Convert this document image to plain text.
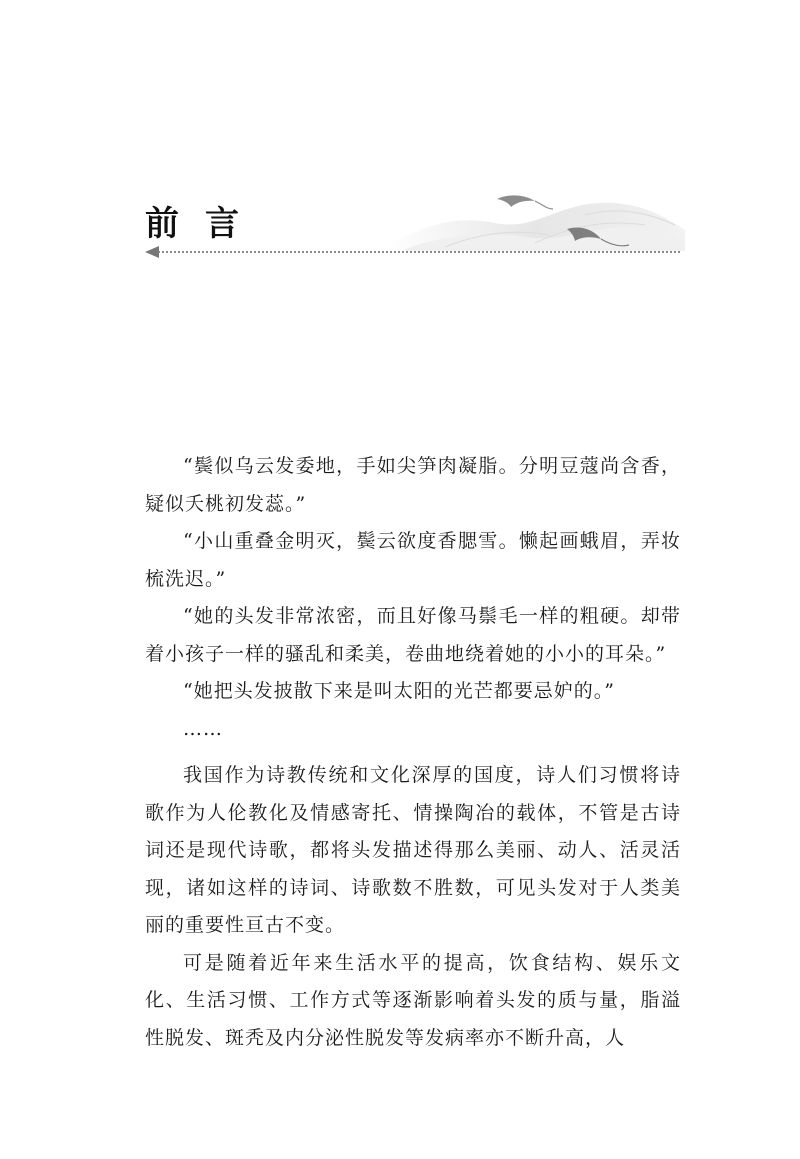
前言

“鬓似乌云发委地，手如尖笋肉凝脂。分明豆蔻尚含香，疑似夭桃初发蕊。”

“小山重叠金明灭，鬓云欲度香腮雪。懒起画蛾眉，弄妆梳洗迟。”

“她的头发非常浓密，而且好像马鬃毛一样的粗硬。却带着小孩子一样的骚乱和柔美，卷曲地绕着她的小小的耳朵。”

“她把头发披散下来是叫太阳的光芒都要忌妒的。”

……

我国作为诗教传统和文化深厚的国度，诗人们习惯将诗歌作为人伦教化及情感寄托、情操陶冶的载体，不管是古诗词还是现代诗歌，都将头发描述得那么美丽、动人、活灵活现，诸如这样的诗词、诗歌数不胜数，可见头发对于人类美丽的重要性亘古不变。

可是随着近年来生活水平的提高，饮食结构、娱乐文化、生活习惯、工作方式等逐渐影响着头发的质与量，脂溢性脱发、斑秃及内分泌性脱发等发病率亦不断升高，人
